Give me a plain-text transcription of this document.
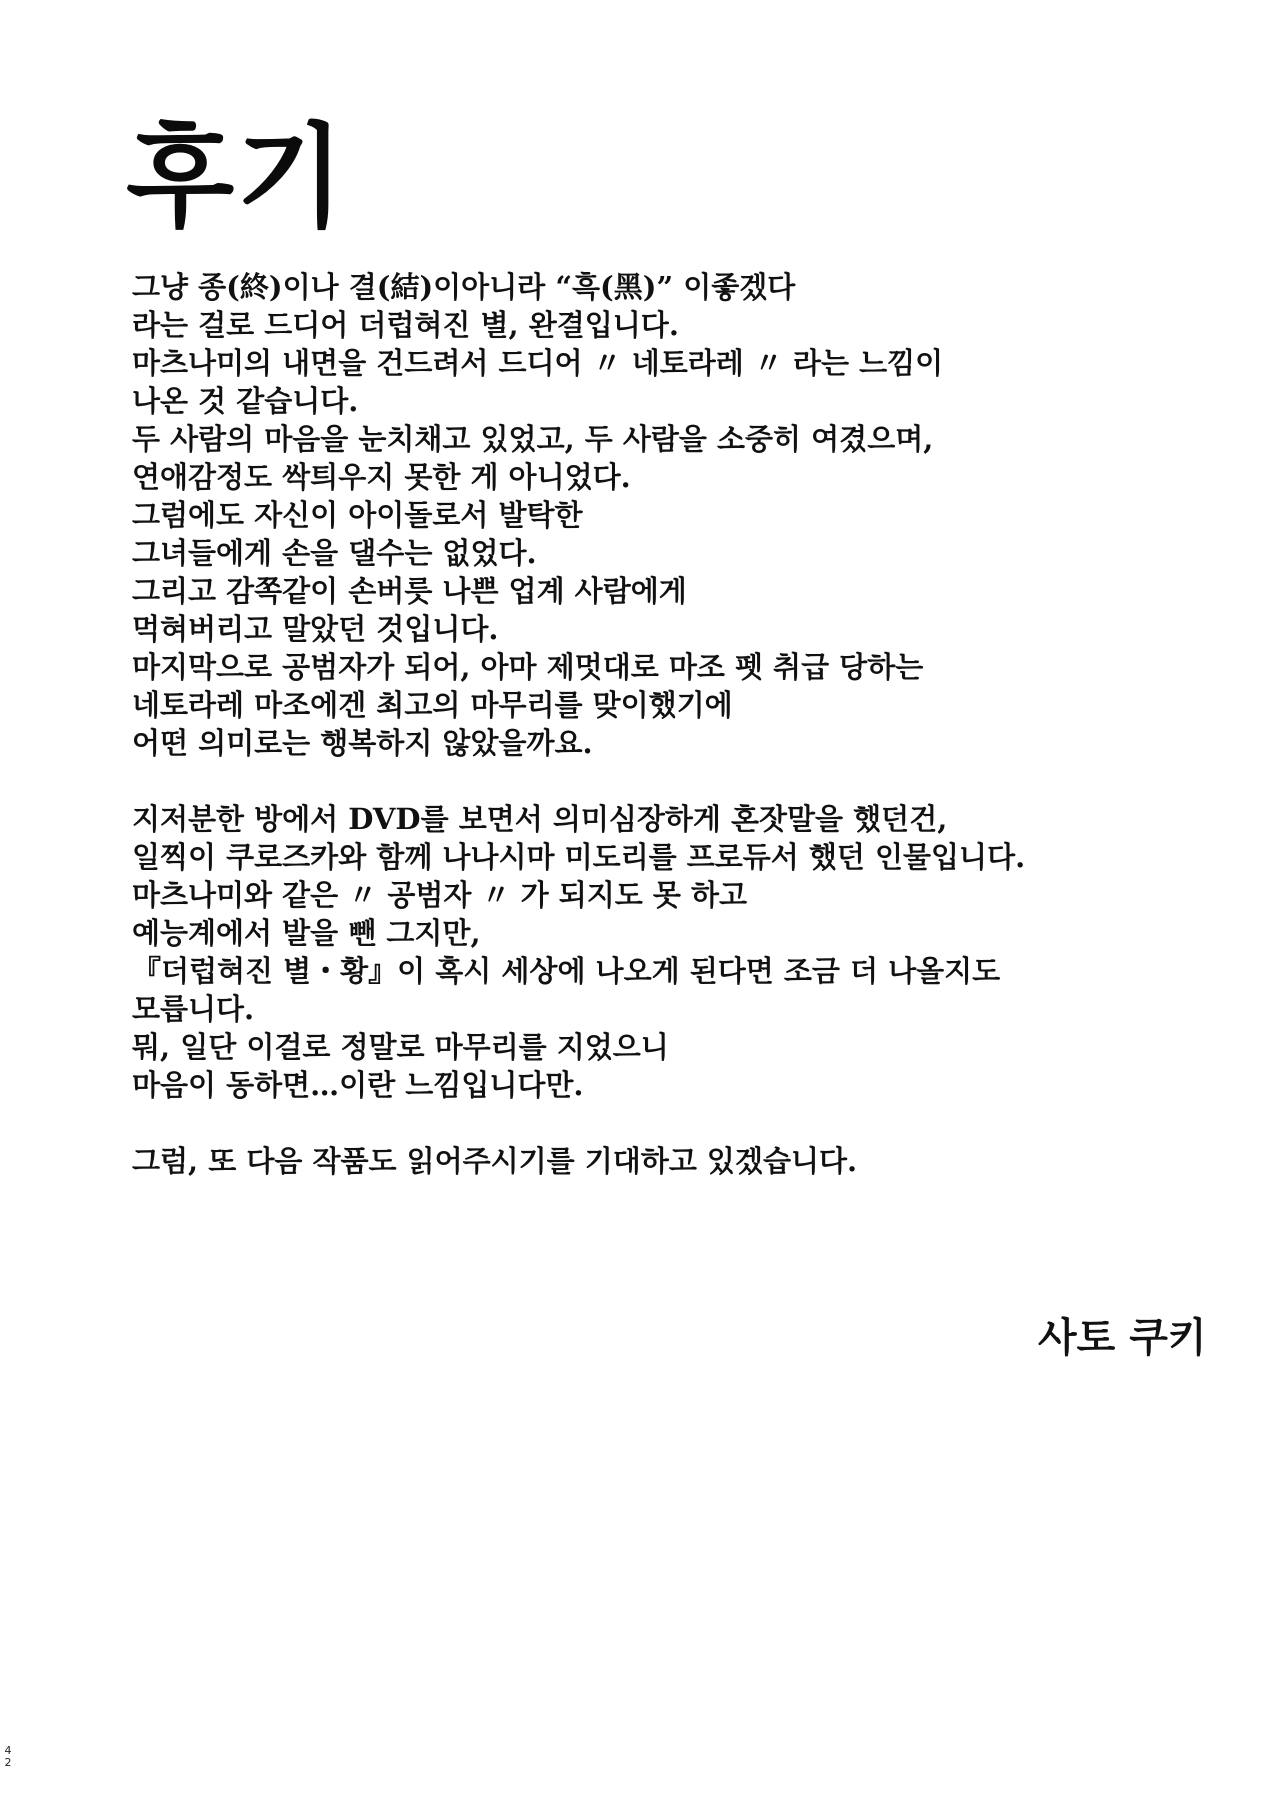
후기
그냥 종(終)이나 결(結)이아니라 “흑(黑)” 이좋겠다
라는 걸로 드디어 더럽혀진 별, 완결입니다.
마츠나미의 내면을 건드려서 드디어 〃 네토라레 〃 라는 느낌이
나온 것 같습니다.
두 사람의 마음을 눈치채고 있었고, 두 사람을 소중히 여겼으며,
연애감정도 싹틔우지 못한 게 아니었다.
그럼에도 자신이 아이돌로서 발탁한
그녀들에게 손을 댈수는 없었다.
그리고 감쪽같이 손버릇 나쁜 업계 사람에게
먹혀버리고 말았던 것입니다.
마지막으로 공범자가 되어, 아마 제멋대로 마조 펫 취급 당하는
네토라레 마조에겐 최고의 마무리를 맞이했기에
어떤 의미로는 행복하지 않았을까요.
지저분한 방에서 DVD를 보면서 의미심장하게 혼잣말을 했던건,
일찍이 쿠로즈카와 함께 나나시마 미도리를 프로듀서 했던 인물입니다.
마츠나미와 같은 〃 공범자 〃 가 되지도 못 하고
예능계에서 발을 뺀 그지만,
『더럽혀진 별・황』이 혹시 세상에 나오게 된다면 조금 더 나올지도
모릅니다.
뭐, 일단 이걸로 정말로 마무리를 지었으니
마음이 동하면…이란 느낌입니다만.
그럼, 또 다음 작품도 읽어주시기를 기대하고 있겠습니다.
사토 쿠키
42
